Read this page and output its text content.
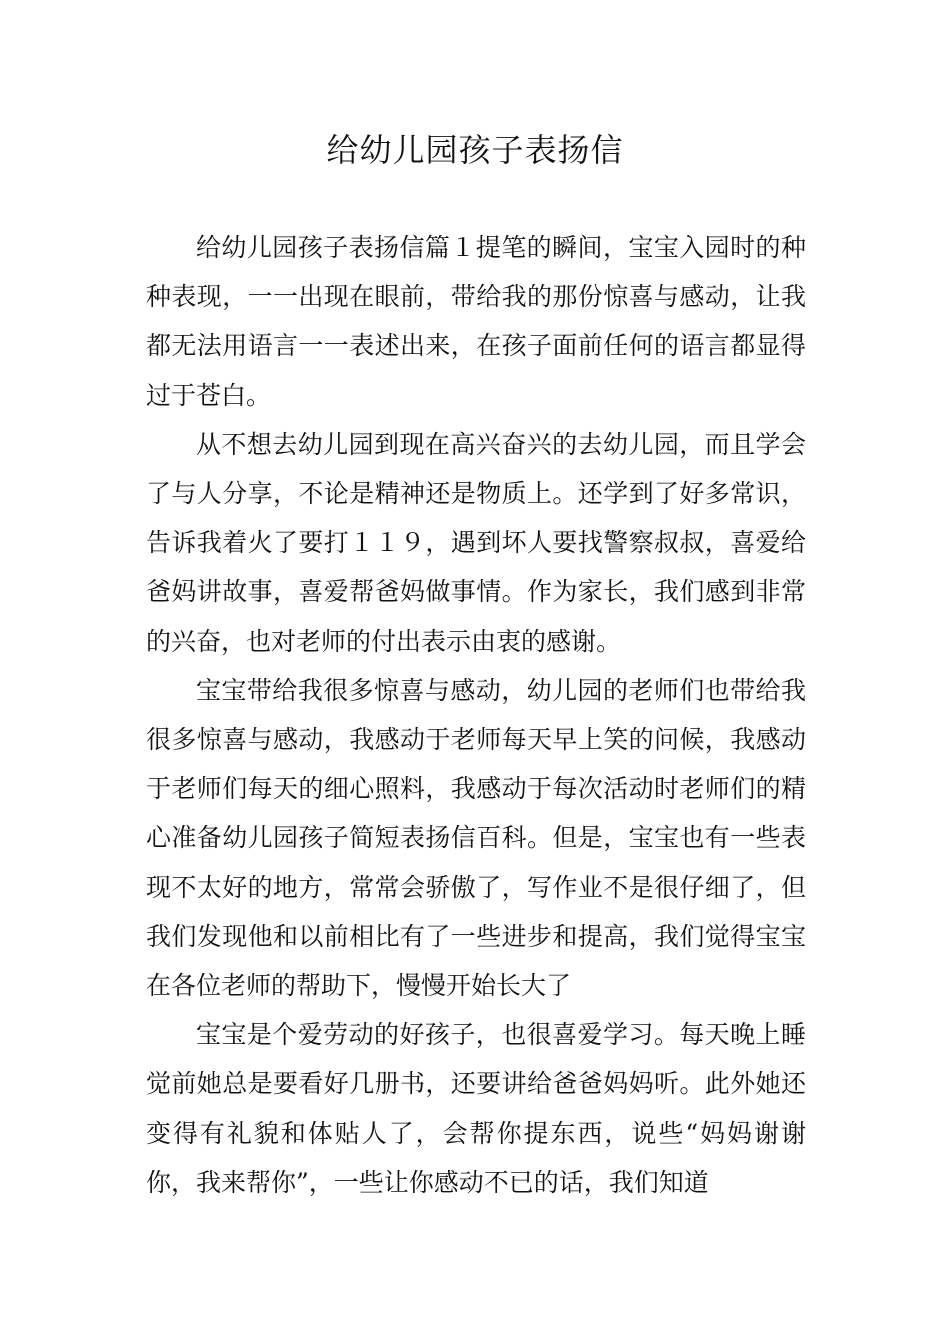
给幼儿园孩子表扬信

给幼儿园孩子表扬信篇１提笔的瞬间，宝宝入园时的种种表现，一一出现在眼前，带给我的那份惊喜与感动，让我都无法用语言一一表述出来，在孩子面前任何的语言都显得过于苍白。

从不想去幼儿园到现在高兴奋兴的去幼儿园，而且学会了与人分享，不论是精神还是物质上。还学到了好多常识，告诉我着火了要打１１９，遇到坏人要找警察叔叔，喜爱给爸妈讲故事，喜爱帮爸妈做事情。作为家长，我们感到非常的兴奋，也对老师的付出表示由衷的感谢。

宝宝带给我很多惊喜与感动，幼儿园的老师们也带给我很多惊喜与感动，我感动于老师每天早上笑的问候，我感动于老师们每天的细心照料，我感动于每次活动时老师们的精心准备幼儿园孩子简短表扬信百科。但是，宝宝也有一些表现不太好的地方，常常会骄傲了，写作业不是很仔细了，但我们发现他和以前相比有了一些进步和提高，我们觉得宝宝在各位老师的帮助下，慢慢开始长大了

宝宝是个爱劳动的好孩子，也很喜爱学习。每天晚上睡觉前她总是要看好几册书，还要讲给爸爸妈妈听。此外她还变得有礼貌和体贴人了，会帮你提东西，说些“妈妈谢谢你，我来帮你”，一些让你感动不已的话，我们知道
